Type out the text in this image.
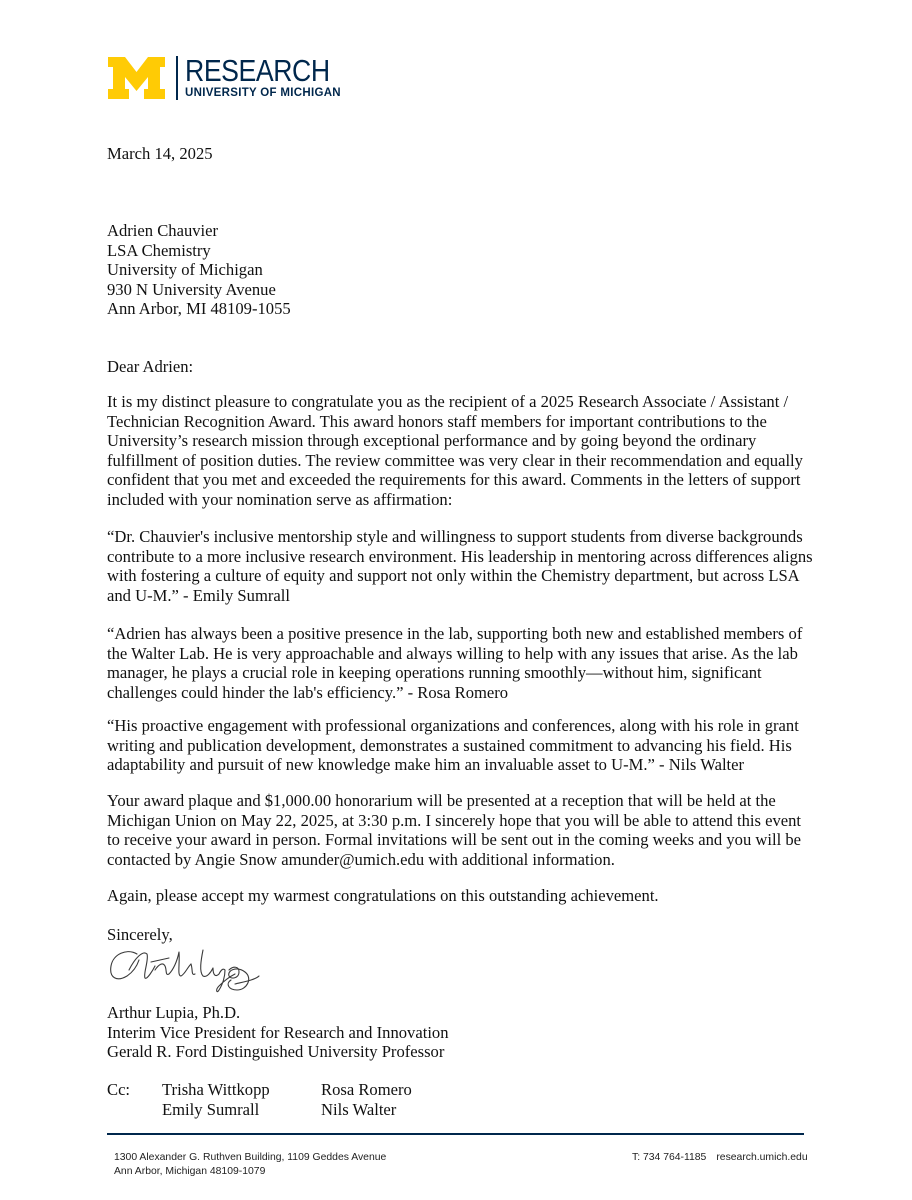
RESEARCH
UNIVERSITY OF MICHIGAN
March 14, 2025
Adrien Chauvier
LSA Chemistry
University of Michigan
930 N University Avenue
Ann Arbor, MI 48109-1055
Dear Adrien:
It is my distinct pleasure to congratulate you as the recipient of a 2025 Research Associate / Assistant /
Technician Recognition Award. This award honors staff members for important contributions to the
University’s research mission through exceptional performance and by going beyond the ordinary
fulfillment of position duties. The review committee was very clear in their recommendation and equally
confident that you met and exceeded the requirements for this award. Comments in the letters of support
included with your nomination serve as affirmation:
“Dr. Chauvier's inclusive mentorship style and willingness to support students from diverse backgrounds
contribute to a more inclusive research environment. His leadership in mentoring across differences aligns
with fostering a culture of equity and support not only within the Chemistry department, but across LSA
and U-M.” - Emily Sumrall
“Adrien has always been a positive presence in the lab, supporting both new and established members of
the Walter Lab. He is very approachable and always willing to help with any issues that arise. As the lab
manager, he plays a crucial role in keeping operations running smoothly—without him, significant
challenges could hinder the lab's efficiency.” - Rosa Romero
“His proactive engagement with professional organizations and conferences, along with his role in grant
writing and publication development, demonstrates a sustained commitment to advancing his field. His
adaptability and pursuit of new knowledge make him an invaluable asset to U-M.” - Nils Walter
Your award plaque and $1,000.00 honorarium will be presented at a reception that will be held at the
Michigan Union on May 22, 2025, at 3:30 p.m. I sincerely hope that you will be able to attend this event
to receive your award in person. Formal invitations will be sent out in the coming weeks and you will be
contacted by Angie Snow amunder@umich.edu with additional information.
Again, please accept my warmest congratulations on this outstanding achievement.
Sincerely,
Arthur Lupia, Ph.D.
Interim Vice President for Research and Innovation
Gerald R. Ford Distinguished University Professor
Cc: Trisha Wittkopp
Emily Sumrall
Rosa Romero
Nils Walter
1300 Alexander G. Ruthven Building, 1109 Geddes Avenue
Ann Arbor, Michigan 48109-1079
T: 734 764-1185 research.umich.edu
